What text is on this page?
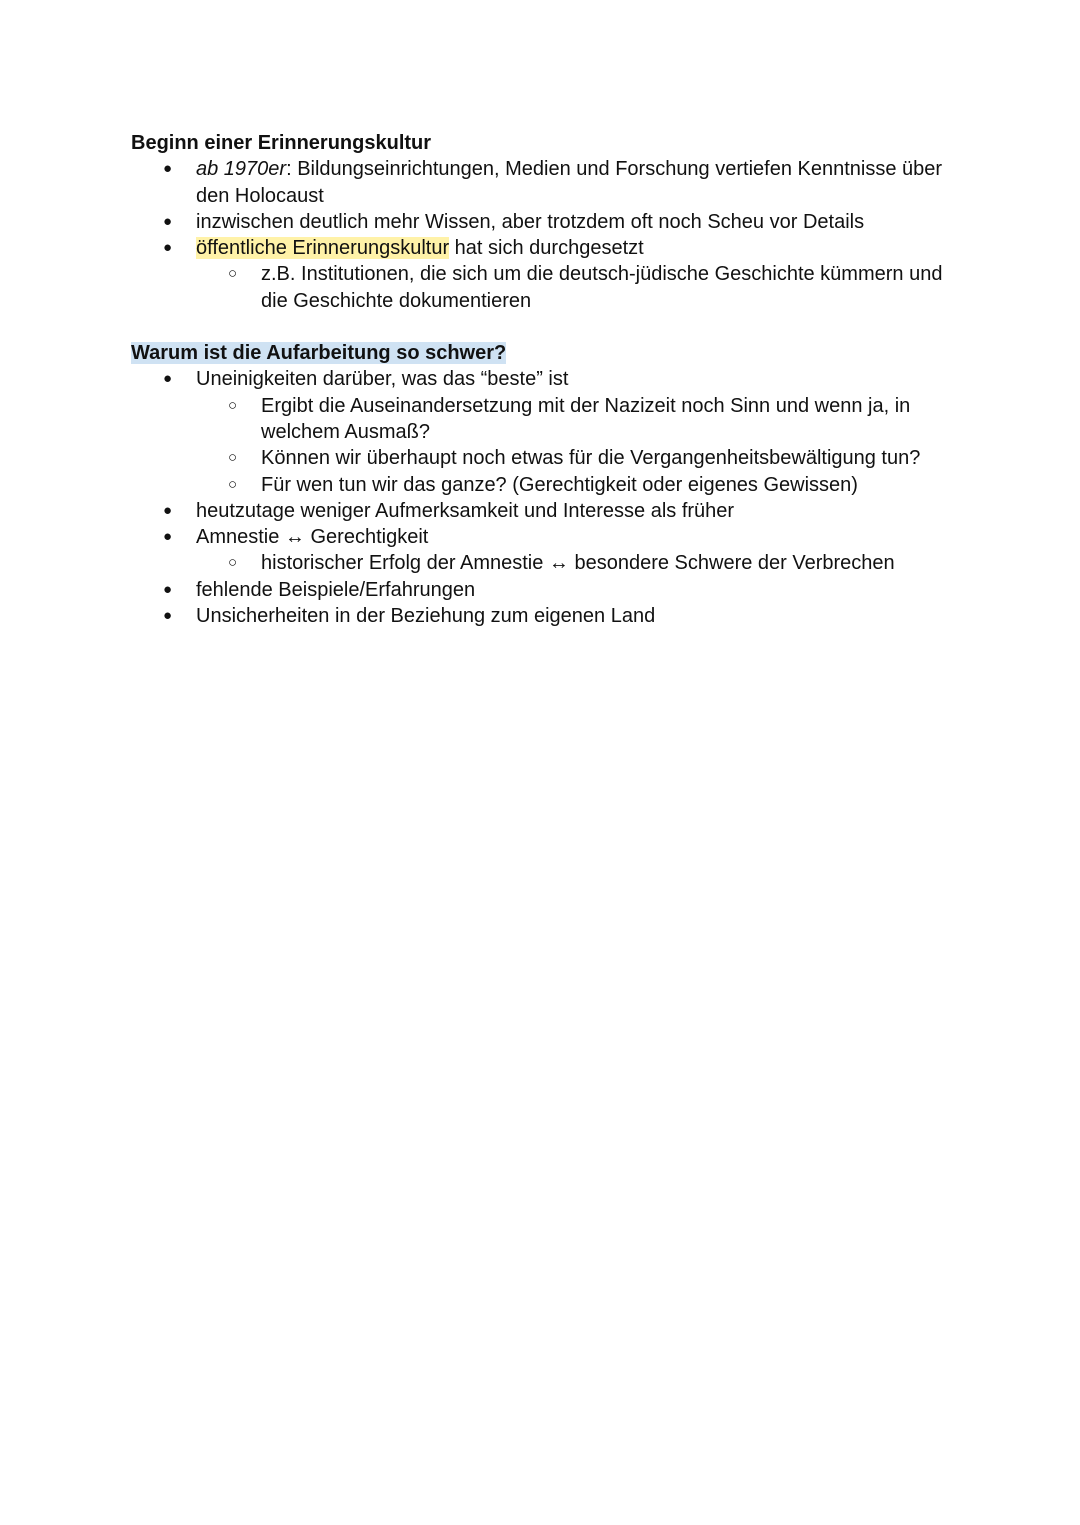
Beginn einer Erinnerungskultur

● ab 1970er: Bildungseinrichtungen, Medien und Forschung vertiefen Kenntnisse über den Holocaust
● inzwischen deutlich mehr Wissen, aber trotzdem oft noch Scheu vor Details
● öffentliche Erinnerungskultur hat sich durchgesetzt
○ z.B. Institutionen, die sich um die deutsch-jüdische Geschichte kümmern und die Geschichte dokumentieren

Warum ist die Aufarbeitung so schwer?

● Uneinigkeiten darüber, was das “beste” ist
○ Ergibt die Auseinandersetzung mit der Nazizeit noch Sinn und wenn ja, in welchem Ausmaß?
○ Können wir überhaupt noch etwas für die Vergangenheitsbewältigung tun?
○ Für wen tun wir das ganze? (Gerechtigkeit oder eigenes Gewissen)
● heutzutage weniger Aufmerksamkeit und Interesse als früher
● Amnestie ↔ Gerechtigkeit
○ historischer Erfolg der Amnestie ↔ besondere Schwere der Verbrechen
● fehlende Beispiele/Erfahrungen
● Unsicherheiten in der Beziehung zum eigenen Land
